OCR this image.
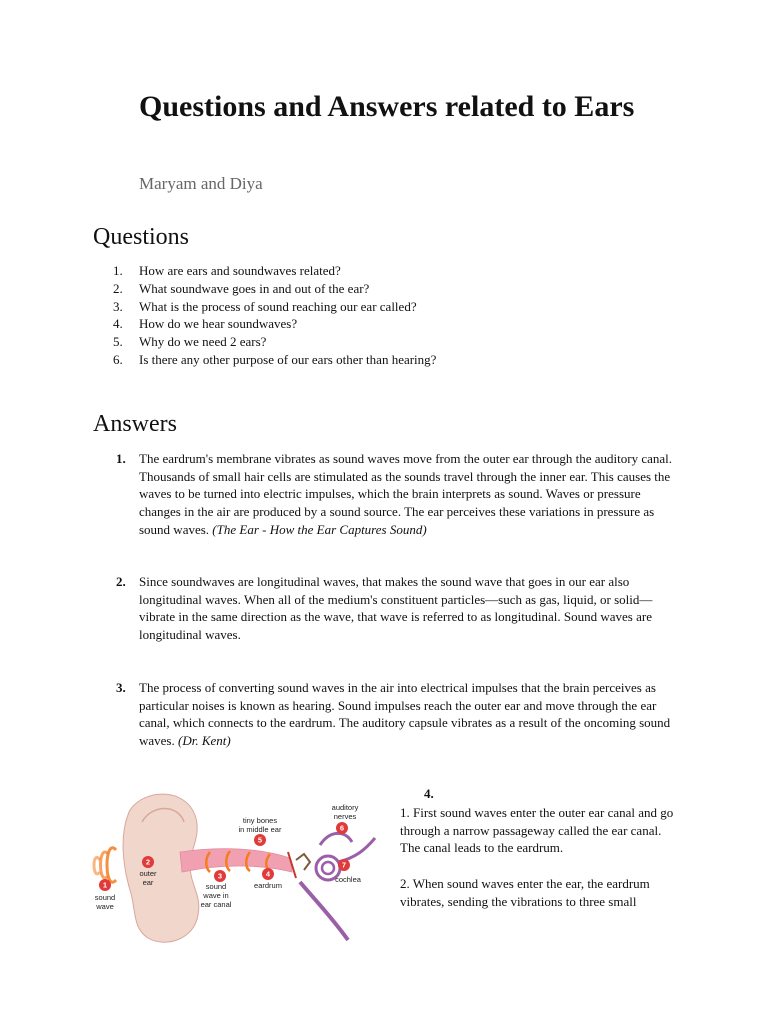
Questions and Answers related to Ears

Maryam and Diya

Questions
1.	How are ears and soundwaves related?
2.	What soundwave goes in and out of the ear?
3.	What is the process of sound reaching our ear called?
4.	How do we hear soundwaves?
5.	Why do we need 2 ears?
6.	Is there any other purpose of our ears other than hearing?
Answers
1. The eardrum's membrane vibrates as sound waves move from the outer ear through the auditory canal. Thousands of small hair cells are stimulated as the sounds travel through the inner ear. This causes the waves to be turned into electric impulses, which the brain interprets as sound. Waves or pressure changes in the air are produced by a sound source. The ear perceives these variations in pressure as sound waves. (The Ear - How the Ear Captures Sound)
2. Since soundwaves are longitudinal waves, that makes the sound wave that goes in our ear also longitudinal waves. When all of the medium's constituent particles—such as gas, liquid, or solid—vibrate in the same direction as the wave, that wave is referred to as longitudinal. Sound waves are longitudinal waves.
3. The process of converting sound waves in the air into electrical impulses that the brain perceives as particular noises is known as hearing. Sound impulses reach the outer ear and move through the ear canal, which connects to the eardrum. The auditory capsule vibrates as a result of the oncoming sound waves. (Dr. Kent)
1
2
3	4
5
6
7
sound
wave
outer
ear	sound
wave in
ear canal
eardrum
tiny bones
in middle ear
auditory
nerves
cochlea
4.

1. First sound waves enter the outer ear canal and go through a narrow passageway called the ear canal. The canal leads to the eardrum.

2. When sound waves enter the ear, the eardrum vibrates, sending the vibrations to three small
